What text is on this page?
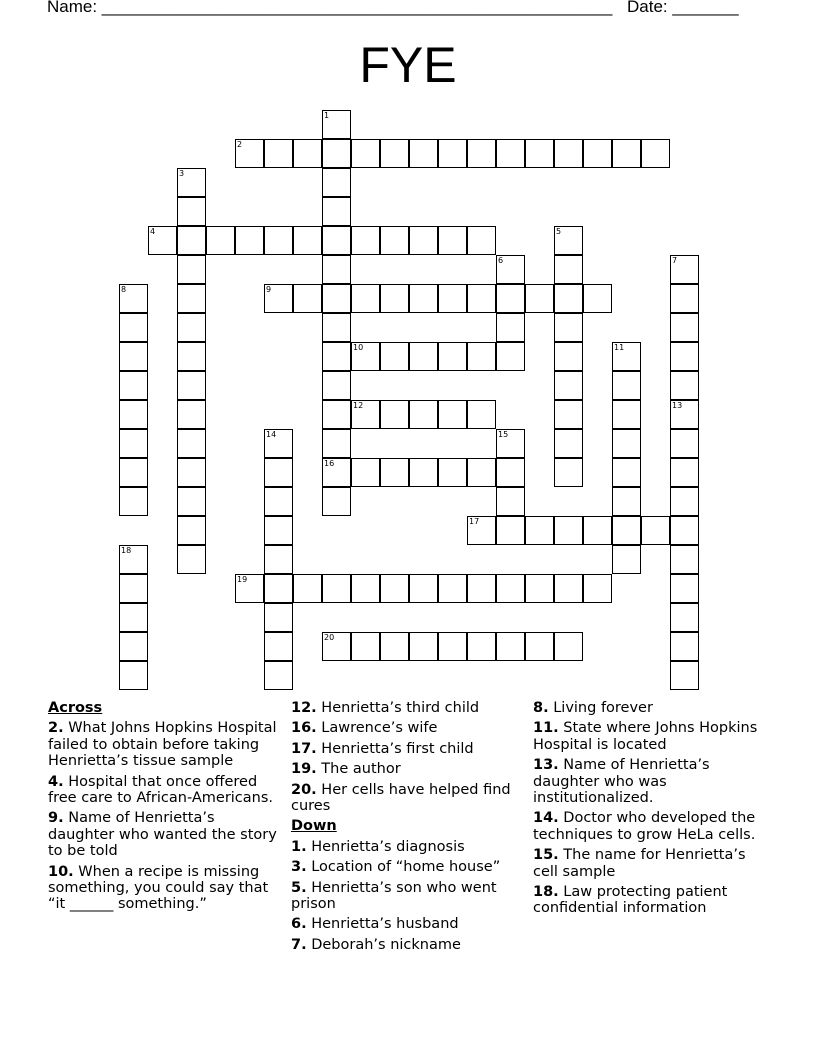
Name: ______________________________________________________ Date: _______
FYE
1
2
3
4	5
6	7
8	9
10	11
12	13
14	15
16
17
18
19
20
Across
2. What Johns Hopkins Hospital failed to obtain before taking Henrietta’s tissue sample
4. Hospital that once offered free care to African-Americans.
9. Name of Henrietta’s daughter who wanted the story to be told
10. When a recipe is missing something, you could say that “it ______ something.”
12. Henrietta’s third child
16. Lawrence’s wife
17. Henrietta’s first child
19. The author
20. Her cells have helped find cures
Down
1. Henrietta’s diagnosis
3. Location of “home house”
5. Henrietta’s son who went prison
6. Henrietta’s husband
7. Deborah’s nickname
8. Living forever
11. State where Johns Hopkins Hospital is located
13. Name of Henrietta’s daughter who was institutionalized.
14. Doctor who developed the techniques to grow HeLa cells.
15. The name for Henrietta’s cell sample
18. Law protecting patient confidential information
